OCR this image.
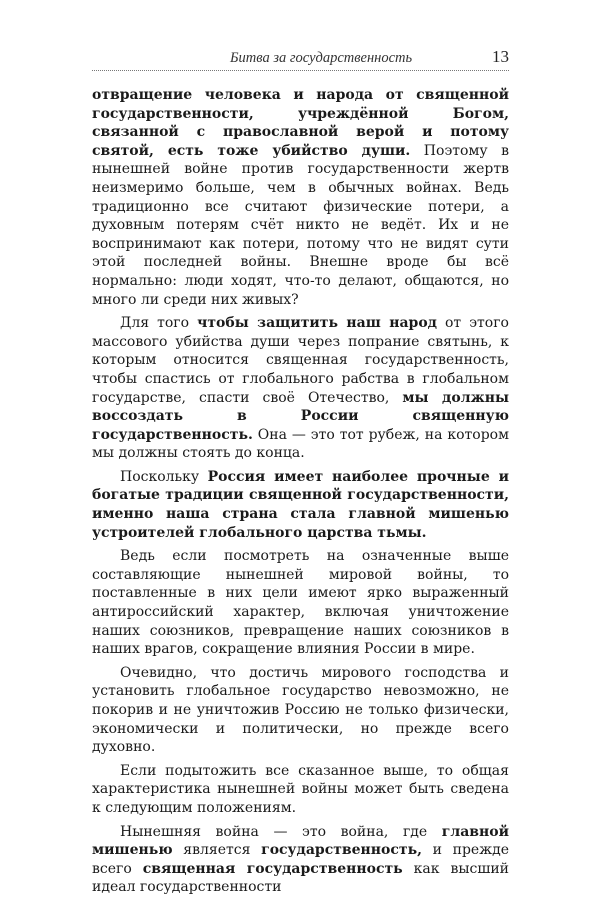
Битва за государственность	13

отвращение человека и народа от священной государственности, учреждённой Богом, связанной с православной верой и потому святой, есть тоже убийство души. Поэтому в нынешней войне против государственности жертв неизмеримо больше, чем в обычных войнах. Ведь традиционно все считают физические потери, а духовным потерям счёт никто не ведёт. Их и не воспринимают как потери, потому что не видят сути этой последней войны. Внешне вроде бы всё нормально: люди ходят, что-то делают, общаются, но много ли среди них живых?

Для того чтобы защитить наш народ от этого массового убийства души через попрание святынь, к которым относится священная государственность, чтобы спастись от глобального рабства в глобальном государстве, спасти своё Отечество, мы должны воссоздать в России священную государственность. Она — это тот рубеж, на котором мы должны стоять до конца.

Поскольку Россия имеет наиболее прочные и богатые традиции священной государственности, именно наша страна стала главной мишенью устроителей глобального царства тьмы.

Ведь если посмотреть на означенные выше составляющие нынешней мировой войны, то поставленные в них цели имеют ярко выраженный антироссийский характер, включая уничтожение наших союзников, превращение наших союзников в наших врагов, сокращение влияния России в мире.

Очевидно, что достичь мирового господства и установить глобальное государство невозможно, не покорив и не уничтожив Россию не только физически, экономически и политически, но прежде всего духовно.

Если подытожить все сказанное выше, то общая характеристика нынешней войны может быть сведена к следующим положениям.

Нынешняя война — это война, где главной мишенью является государственность, и прежде всего священная государственность как высший идеал государственности
